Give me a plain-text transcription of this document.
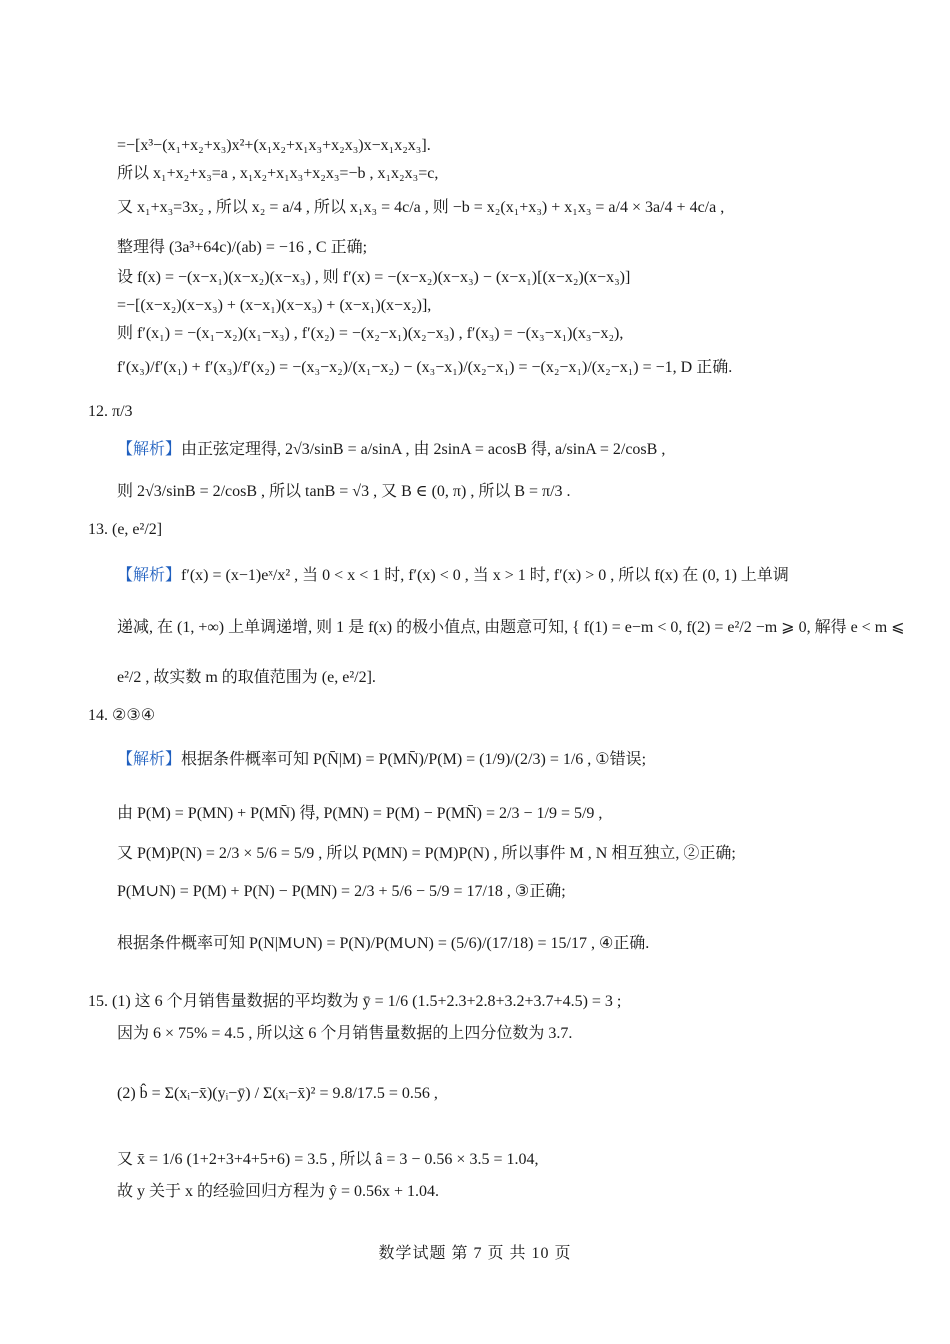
=−[x³−(x₁+x₂+x₃)x²+(x₁x₂+x₁x₃+x₂x₃)x−x₁x₂x₃].
所以 x₁+x₂+x₃=a , x₁x₂+x₁x₃+x₂x₃=−b , x₁x₂x₃=c,
又 x₁+x₃=3x₂ , 所以 x₂ = a/4 , 所以 x₁x₃ = 4c/a , 则 −b = x₂(x₁+x₃) + x₁x₃ = a/4 × 3a/4 + 4c/a ,
整理得 (3a³+64c)/(ab) = −16 , C 正确;
设 f(x) = −(x−x₁)(x−x₂)(x−x₃) , 则 f′(x) = −(x−x₂)(x−x₃) − (x−x₁)[(x−x₂)(x−x₃)]
=−[(x−x₂)(x−x₃) + (x−x₁)(x−x₃) + (x−x₁)(x−x₂)],
则 f′(x₁) = −(x₁−x₂)(x₁−x₃) , f′(x₂) = −(x₂−x₁)(x₂−x₃) , f′(x₃) = −(x₃−x₁)(x₃−x₂),
f′(x₃)/f′(x₁) + f′(x₃)/f′(x₂) = −(x₃−x₂)/(x₁−x₂) − (x₃−x₁)/(x₂−x₁) = −(x₂−x₁)/(x₂−x₁) = −1, D 正确.
12. π/3
【解析】由正弦定理得, 2√3/sinB = a/sinA , 由 2sinA = acosB 得, a/sinA = 2/cosB ,
则 2√3/sinB = 2/cosB , 所以 tanB = √3 , 又 B ∈ (0, π) , 所以 B = π/3 .
13. (e, e²/2]
【解析】f′(x) = (x−1)eˣ/x² , 当 0 < x < 1 时, f′(x) < 0 , 当 x > 1 时, f′(x) > 0 , 所以 f(x) 在 (0, 1) 上单调
递减, 在 (1, +∞) 上单调递增, 则 1 是 f(x) 的极小值点, 由题意可知, { f(1) = e−m < 0, f(2) = e²/2 −m ⩾ 0, 解得 e < m ⩽
e²/2 , 故实数 m 的取值范围为 (e, e²/2].
14. ②③④
【解析】根据条件概率可知 P(N̄|M) = P(MN̄)/P(M) = (1/9)/(2/3) = 1/6 , ①错误;
由 P(M) = P(MN) + P(MN̄) 得, P(MN) = P(M) − P(MN̄) = 2/3 − 1/9 = 5/9 ,
又 P(M)P(N) = 2/3 × 5/6 = 5/9 , 所以 P(MN) = P(M)P(N) , 所以事件 M , N 相互独立, ②正确;
P(M∪N) = P(M) + P(N) − P(MN) = 2/3 + 5/6 − 5/9 = 17/18 , ③正确;
根据条件概率可知 P(N|M∪N) = P(N)/P(M∪N) = (5/6)/(17/18) = 15/17 , ④正确.
15. (1) 这 6 个月销售量数据的平均数为 ȳ = 1/6 (1.5+2.3+2.8+3.2+3.7+4.5) = 3 ;
因为 6 × 75% = 4.5 , 所以这 6 个月销售量数据的上四分位数为 3.7.
(2) b̂ = Σ(xᵢ−x̄)(yᵢ−ȳ) / Σ(xᵢ−x̄)² = 9.8/17.5 = 0.56 ,
又 x̄ = 1/6 (1+2+3+4+5+6) = 3.5 , 所以 â = 3 − 0.56 × 3.5 = 1.04,
故 y 关于 x 的经验回归方程为 ŷ = 0.56x + 1.04.
数学试题 第 7 页 共 10 页
